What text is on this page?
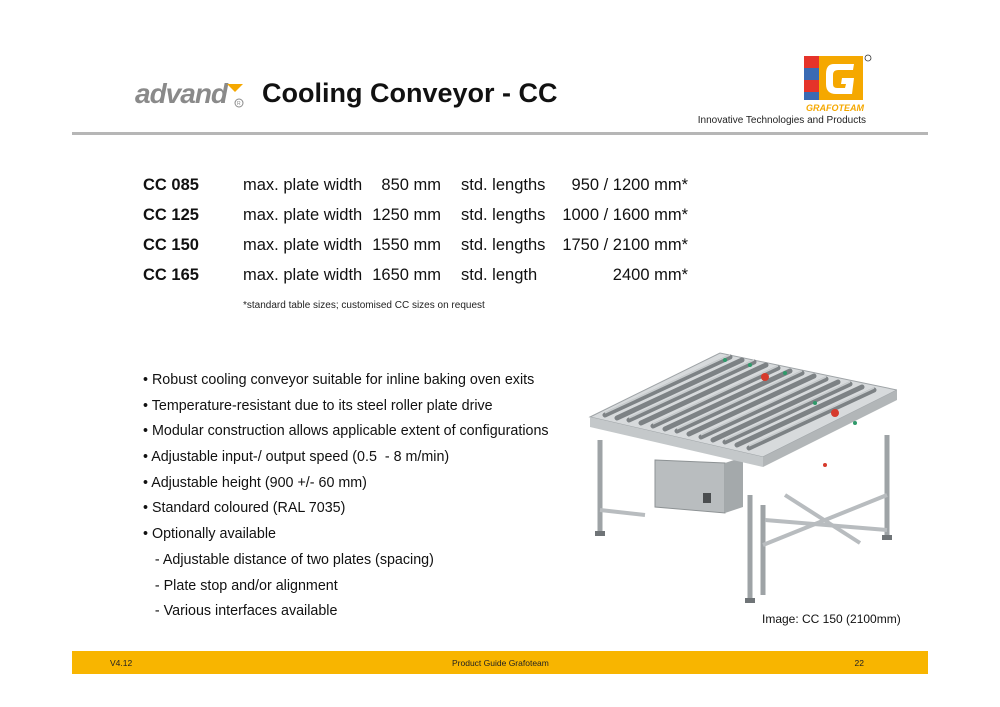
advand	R Cooling Conveyor - CC	GRAFOTEAM
Innovative Technologies and Products
CC 085	max. plate width	850 mm std. lengths	950 / 1200 mm*
CC 125	max. plate width 1250 mm std. lengths	1000 / 1600 mm*
CC 150	max. plate width 1550 mm std. lengths	1750 / 2100 mm*
CC 165	max. plate width 1650 mm std. length	2400 mm*
*standard table sizes; customised CC sizes on request
• Robust cooling conveyor suitable for inline baking oven exits
• Temperature-resistant due to its steel roller plate drive
• Modular construction allows applicable extent of configurations
• Adjustable input-/ output speed (0.5  - 8 m/min)
• Adjustable height (900 +/- 60 mm)
• Standard coloured (RAL 7035)
• Optionally available
- Adjustable distance of two plates (spacing)
- Plate stop and/or alignment
- Various interfaces available	Image: CC 150 (2100mm)
V4.12	Product Guide Grafoteam	22
